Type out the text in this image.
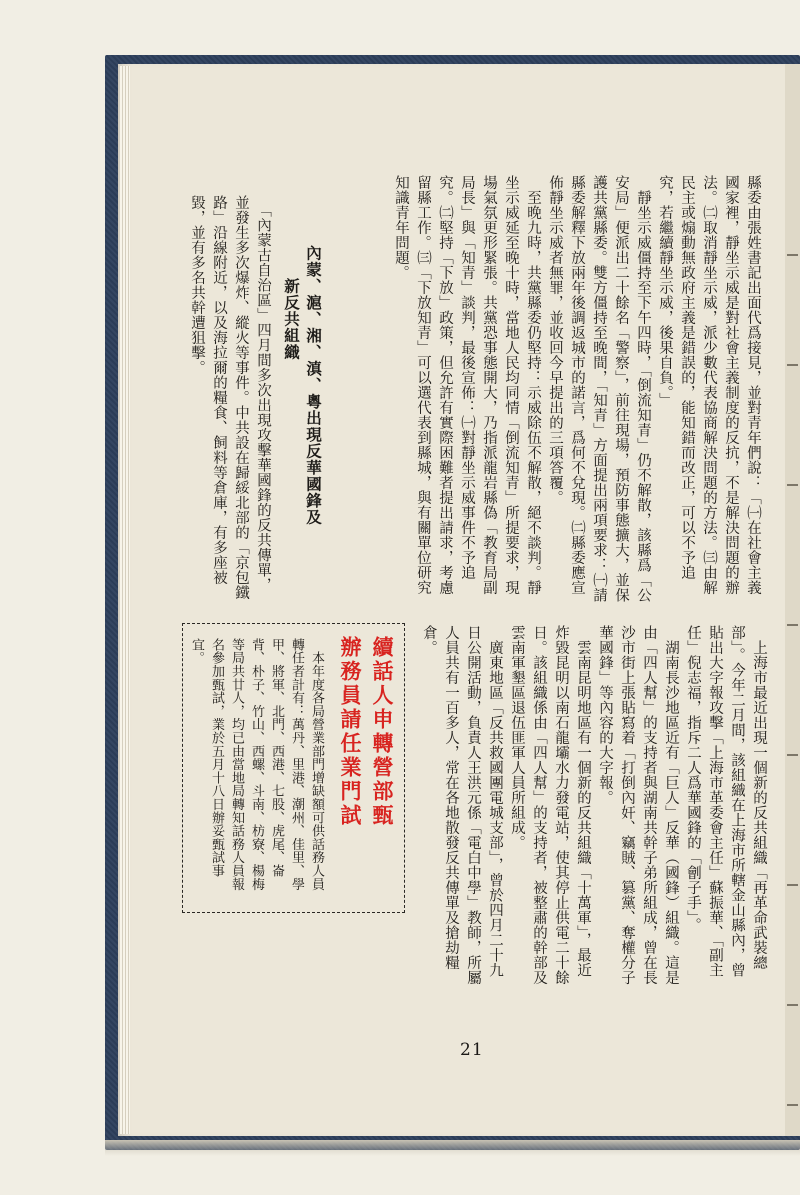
縣委由張姓書記出面代爲接見，並對青年們說：「㈠在社會主義國家裡，靜坐示威是對社會主義制度的反抗，不是解決問題的辦法。㈡取消靜坐示威，派少數代表協商解決問題的方法。㈢由解民主或煽動無政府主義是錯誤的，能知錯而改正，可以不予追究，若繼續靜坐示威，後果自負。」
　靜坐示威僵持至下午四時，「倒流知青」仍不解散，該縣爲「公安局」便派出二十餘名「警察」，前往現場，預防事態擴大，並保護共黨縣委。雙方僵持至晚間，「知青」方面提出兩項要求：㈠請縣委解釋下放兩年後調返城市的諾言，爲何不兌現。㈡縣委應宣佈靜坐示威者無罪，並收回今早提出的三項答覆。
　至晚九時，共黨縣委仍堅持：示威除伍不解散，絕不談判。靜坐示威延至晚十時，當地人民均同情「倒流知青」所提要求，現場氣氛更形緊張。共黨恐事態開大，乃指派龍岩縣偽「教育局副局長」與「知青」談判，最後宣佈：㈠對靜坐示威事件不予追究。㈡堅持「下放」政策，但允許有實際困難者提出請求，考慮留縣工作。㈢「下放知青」可以選代表到縣城，與有關單位研究知識青年問題。
內蒙、滬、湘、滇、粵出現反華國鋒及
　　新反共組織
　「內蒙古自治區」四月間多次出現攻擊華國鋒的反共傳單，並發生多次爆炸、縱火等事件。中共設在歸綏北部的「京包鐵路」沿線附近，以及海拉爾的糧食、飼料等倉庫，有多座被毀，並有多名共幹遭狙擊。
　上海市最近出現一個新的反共組織「再革命武裝總部」。今年二月間，該組織在上海市所轄金山縣內，曾貼出大字報攻擊「上海市革委會主任」蘇振華、「副主任」倪志福，指斥二人爲華國鋒的「劊子手」。
　湖南長沙地區近有「巨人」反華（國鋒）組織。這是由「四人幫」的支持者與湖南共幹子弟所組成，曾在長沙市街上張貼寫着「打倒內奸、竊賊、篡黨、奪權分子華國鋒」等內容的大字報。
　雲南昆明地區有一個新的反共組織「十萬軍」，最近炸毀昆明以南石龍壩水力發電站，使其停止供電二十餘日。該組織係由「四人幫」的支持者，被整肅的幹部及雲南軍墾區退伍匪軍人員所組成。
　廣東地區「反共救國團電城支部」，曾於四月二十九日公開活動，負責人王洪元係「電白中學」教師，所屬人員共有一百多人，常在各地散發反共傳單及搶劫糧倉。
續話人申轉營部甄
辦務員請任業門試
　本年度各局營業部門增缺額可供話務人員轉任者計有：萬丹、里港、潮州、佳里、學甲、將軍、北門、西港、七股、虎尾、崙背、朴子、竹山、西螺、斗南、枋寮、楊梅等局共廿人，均已由當地局轉知話務人員報名參加甄試，業於五月十八日辦妥甄試事宜。
21
